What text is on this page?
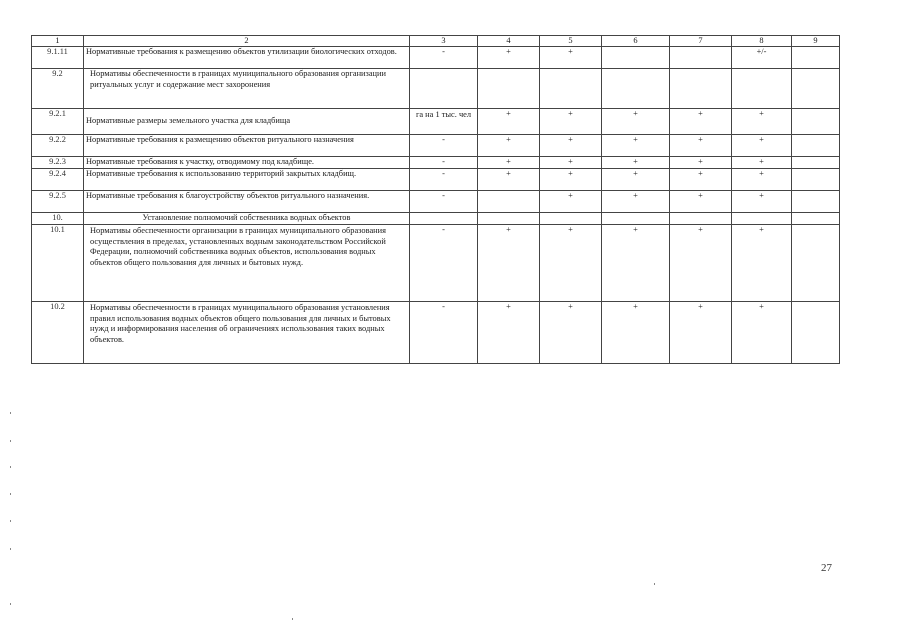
1	2	3	4	5	6	7	8	9
9.1.11	Нормативные требования к размещению объектов утилизации биологических отходов.	-	+	+			+/-	
9.2	Нормативы обеспеченности в границах муниципального образования организации ритуальных услуг и содержание мест захоронения							
9.2.1	Нормативные размеры земельного участка для кладбища	га на 1 тыс. чел	+	+	+	+	+	
9.2.2	Нормативные требования к размещению объектов ритуального назначения	-	+	+	+	+	+	
9.2.3	Нормативные требования к участку, отводимому под кладбище.	-	+	+	+	+	+	
9.2.4	Нормативные требования к использованию территорий закрытых кладбищ.	-	+	+	+	+	+	
9.2.5	Нормативные требования к благоустройству объектов ритуального назначения.	-		+	+	+	+	
10.	Установление полномочий собственника водных объектов							
10.1	Нормативы обеспеченности организации в границах муниципального образования осуществления в пределах, установленных водным законодательством Российской Федерации, полномочий собственника водных объектов, использования водных объектов общего пользования для личных и бытовых нужд.	-	+	+	+	+	+	
10.2	Нормативы обеспеченности в границах муниципального образования установления правил использования водных объектов общего пользования для личных и бытовых нужд и информирования населения об ограничениях использования таких водных объектов.	-	+	+	+	+	+	
27
